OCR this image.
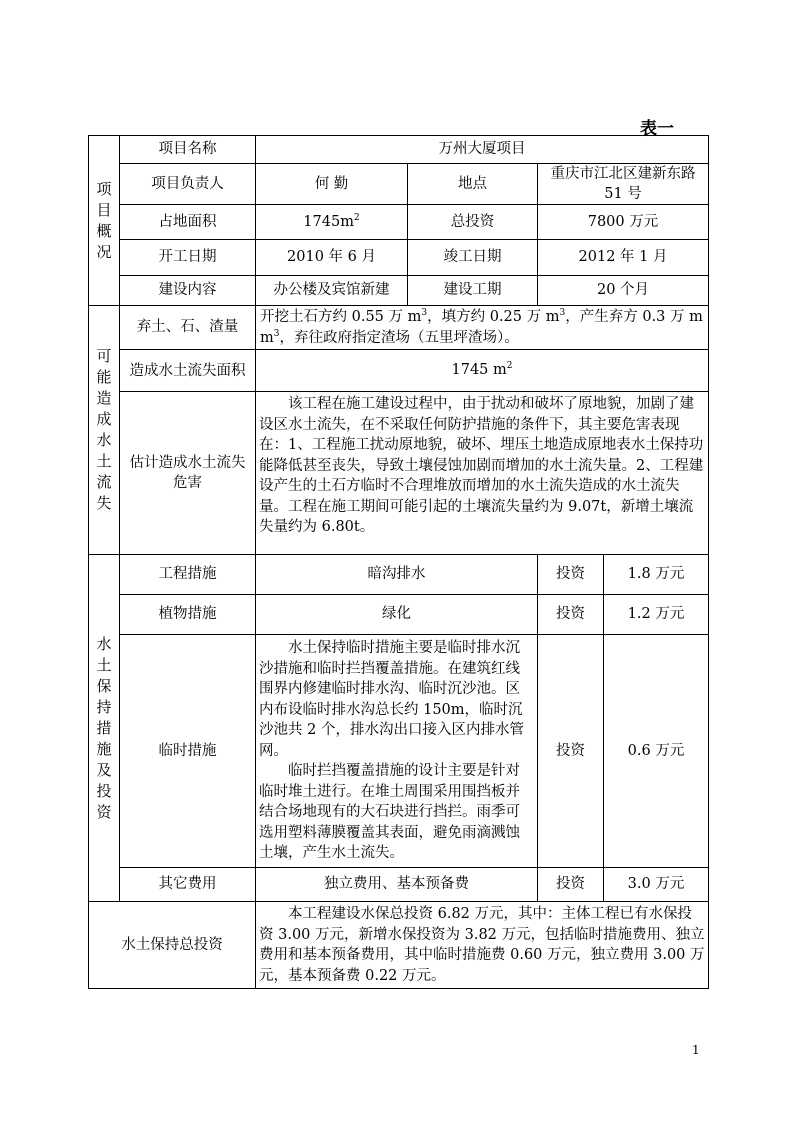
表一
项目概况	项目名称	万州大厦项目			
	项目负责人	何 勤	地点	重庆市江北区建新东路 51 号	
	占地面积	$1745m^2$	总投资	7800 万元	
	开工日期	2010 年 6 月	竣工日期	2012 年 1 月	
	建设内容	办公楼及宾馆新建	建设工期	20 个月	

可能造成水土流失	弃土、石、渣量	开挖土石方约 0.55 万 $m^3$，填方约 0.25 万 $m^3$，产生弃方 0.3 万 m
$m^3$，弃往政府指定渣场（五里坪渣场）。			

	造成水土流失面积	1745 $m^2$
	估计造成水土流失危害	该工程在施工建设过程中，由于扰动和破坏了原地貌，加剧了建设区水土流失，在不采取任何防护措施的条件下，其主要危害表现在：1、工程施工扰动原地貌，破坏、埋压土地造成原地表水土保持功能降低甚至丧失，导致土壤侵蚀加剧而增加的水土流失量。2、工程建设产生的土石方临时不合理堆放而增加的水土流失造成的水土流失量。工程在施工期间可能引起的土壤流失量约为 9.07t，新增土壤流失量约为 6.80t。			

水土保持措施及投资	工程措施	暗沟排水		投资	1.8 万元
	植物措施	绿化		投资	1.2 万元
	临时措施	水土保持临时措施主要是临时排水沉沙措施和临时拦挡覆盖措施。在建筑红线围界内修建临时排水沟、临时沉沙池。区内布设临时排水沟总长约 150m，临时沉沙池共 2 个，排水沟出口接入区内排水管网。

临时拦挡覆盖措施的设计主要是针对临时堆土进行。在堆土周围采用围挡板并结合场地现有的大石块进行挡拦。雨季可选用塑料薄膜覆盖其表面，避免雨滴溅蚀土壤，产生水土流失。		投资	0.6 万元
	其它费用	独立费用、基本预备费		投资	3.0 万元
水土保持总投资		本工程建设水保总投资 6.82 万元，其中：主体工程已有水保投资 3.00 万元，新增水保投资为 3.82 万元，包括临时措施费用、独立费用和基本预备费用，其中临时措施费 0.60 万元，独立费用 3.00 万元，基本预备费 0.22 万元。			

1
